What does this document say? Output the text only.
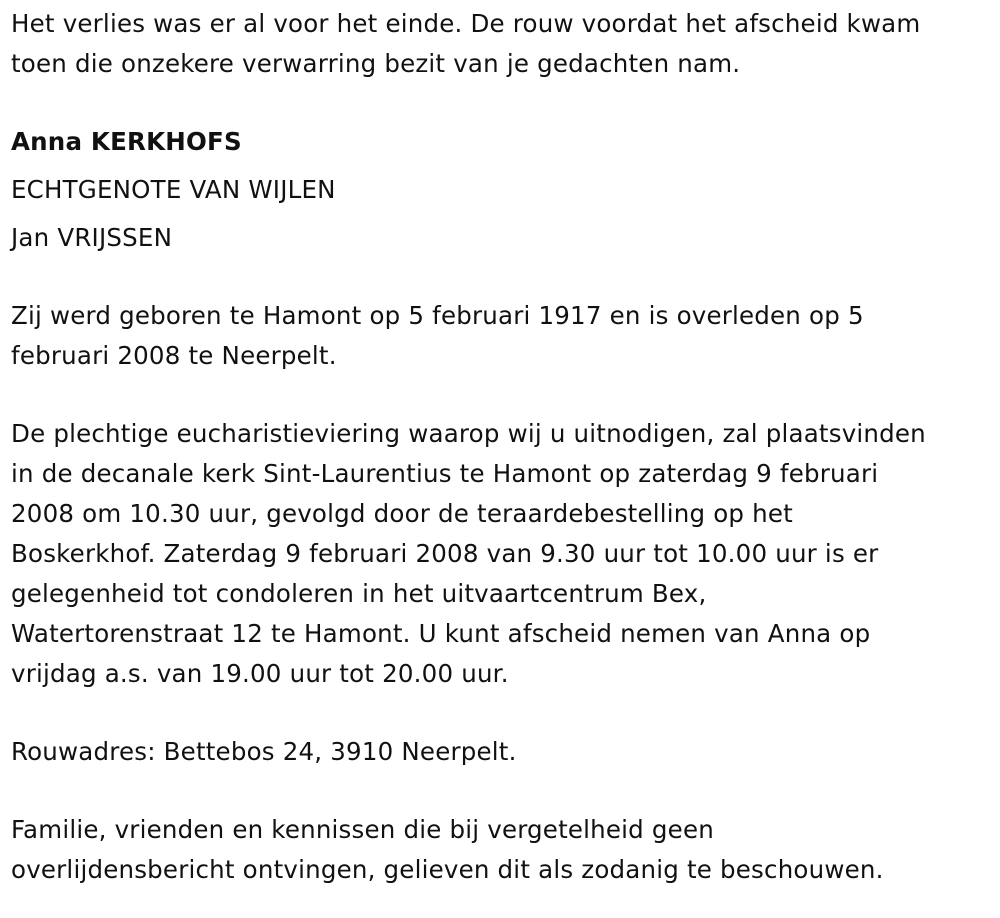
Het verlies was er al voor het einde. De rouw voordat het afscheid kwam
toen die onzekere verwarring bezit van je gedachten nam.

Anna KERKHOFS
ECHTGENOTE VAN WIJLEN
Jan VRIJSSEN

Zij werd geboren te Hamont op 5 februari 1917 en is overleden op 5
februari 2008 te Neerpelt.

De plechtige eucharistieviering waarop wij u uitnodigen, zal plaatsvinden
in de decanale kerk Sint-Laurentius te Hamont op zaterdag 9 februari
2008 om 10.30 uur, gevolgd door de teraardebestelling op het
Boskerkhof. Zaterdag 9 februari 2008 van 9.30 uur tot 10.00 uur is er
gelegenheid tot condoleren in het uitvaartcentrum Bex,
Watertorenstraat 12 te Hamont. U kunt afscheid nemen van Anna op
vrijdag a.s. van 19.00 uur tot 20.00 uur.

Rouwadres: Bettebos 24, 3910 Neerpelt.

Familie, vrienden en kennissen die bij vergetelheid geen
overlijdensbericht ontvingen, gelieven dit als zodanig te beschouwen.
